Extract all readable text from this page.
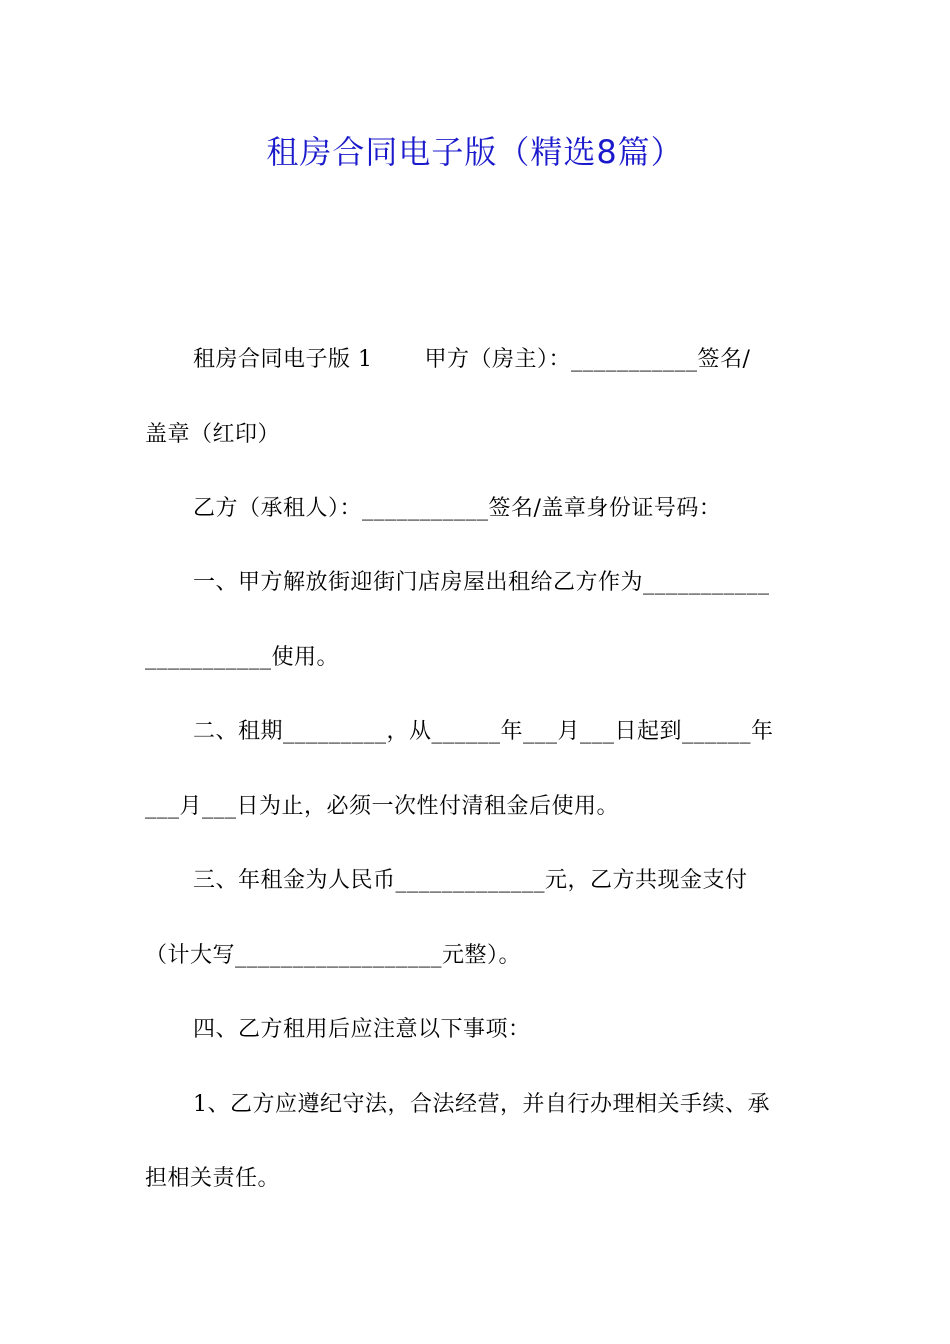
租房合同电子版（精选8篇）
租房合同电子版 1 甲方（房主）：___________签名/
盖章（红印）
乙方（承租人）：___________签名/盖章身份证号码：
一、甲方解放街迎街门店房屋出租给乙方作为___________
___________使用。
二、租期_________，从______年___月___日起到______年
___月___日为止，必须一次性付清租金后使用。
三、年租金为人民币_____________元，乙方共现金支付
（计大写__________________元整）。
四、乙方租用后应注意以下事项：
1、乙方应遵纪守法，合法经营，并自行办理相关手续、承
担相关责任。
